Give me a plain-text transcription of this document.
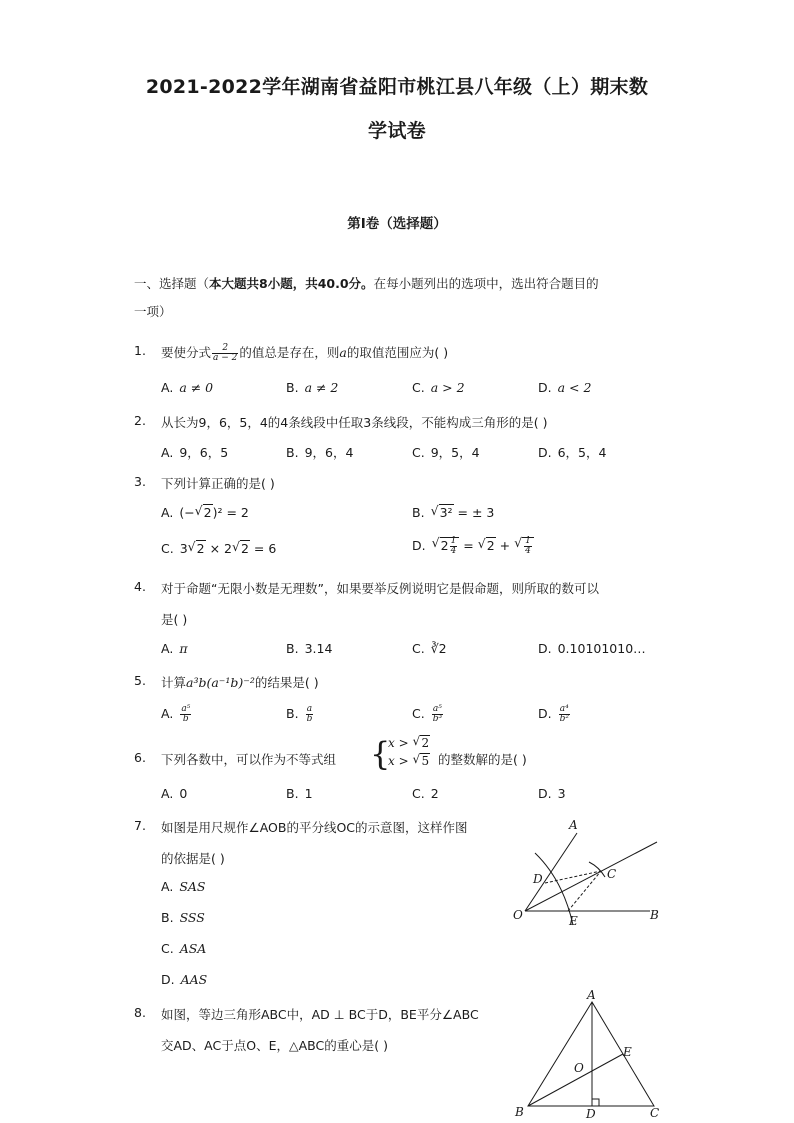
2021-2022学年湖南省益阳市桃江县八年级（上）期末数
学试卷
第I卷（选择题）
一、选择题（本大题共8小题，共40.0分。在每小题列出的选项中，选出符合题目的
一项）
1. 要使分式 $\frac{2}{a - 2}$ 的值总是存在，则a的取值范围应为( )
A. a ≠ 0	B. a ≠ 2	C. a > 2	D. a < 2
2. 从长为9，6，5，4的4条线段中任取3条线段，不能构成三角形的是( )
A. 9，6，5	B. 9，6，4	C. 9，5，4	D. 6，5，4
3. 下列计算正确的是( )
A. (− √ 2)² = 2	B. √ 3² = ± 3
C. 3 √ 2 × 2 √ 2 = 6	D. √ $2 \frac{1}{4}$ = √ 2 + √ $\frac{1}{4}$
4. 对于命题“无限小数是无理数”，如果要举反例说明它是假命题，则所取的数可以
是( )
A. π	B. 3.14	C. ∛2	D. 0.10101010…
5. 计算a³b(a⁻¹b)⁻²的结果是( )
A. $\frac{\text{a⁵}}{b}$	B. $\frac{a}{b}$	C. $\frac{\text{a⁵}}{\text{b³}}$	D. $\frac{\text{a⁴}}{\text{b²}}$
6. 下列各数中，可以作为不等式组 {
x > √ 2
x > √ 5 的整数解的是( )
A. 0	B. 1	C. 2	D. 3
7. 如图是用尺规作∠AOB的平分线OC的示意图，这样作图
的依据是( )
A. SAS
B. SSS
C. ASA
D. AAS
A
B
C
D
E
O
8. 如图，等边三角形ABC中，AD ⊥ BC于D，BE平分∠ABC
交AD、AC于点O、E，△ABC的重心是( )
A
B	C
D
E
O
